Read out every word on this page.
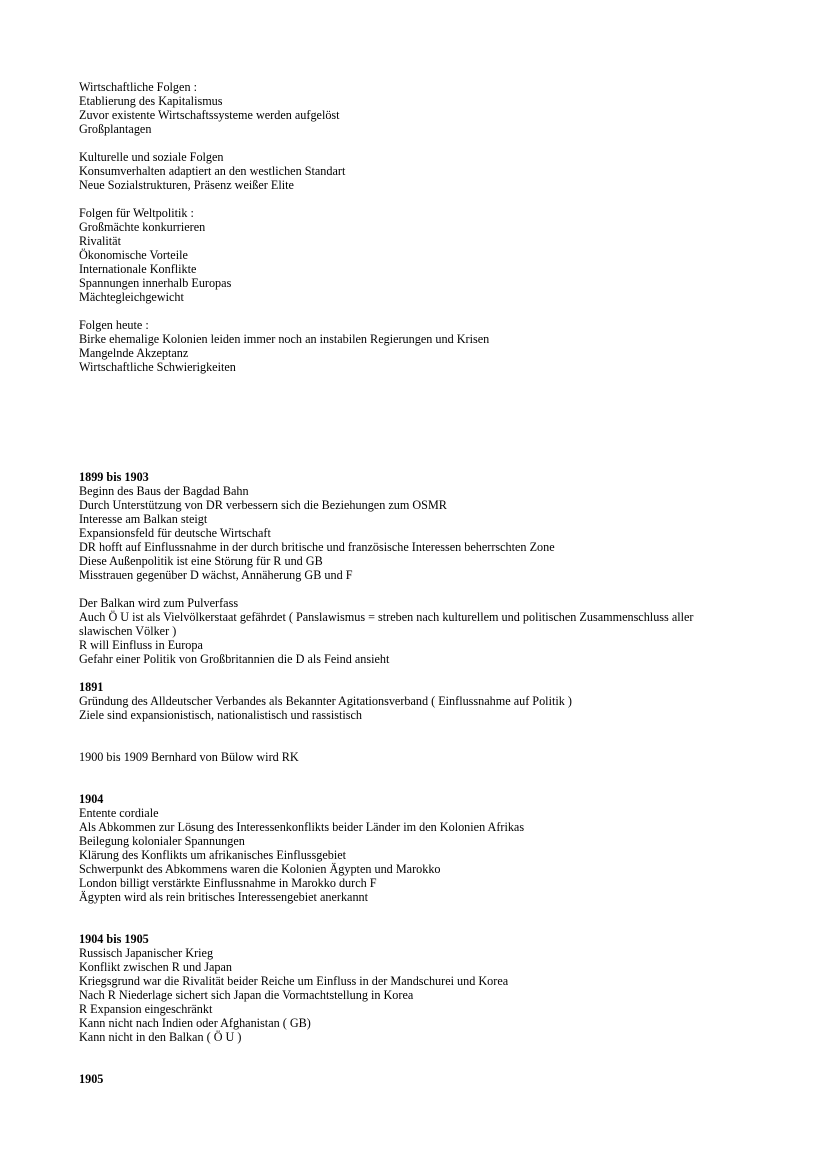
Wirtschaftliche Folgen :
Etablierung des Kapitalismus
Zuvor existente Wirtschaftssysteme werden aufgelöst
Großplantagen
Kulturelle und soziale Folgen
Konsumverhalten adaptiert an den westlichen Standart
Neue Sozialstrukturen, Präsenz weißer Elite
Folgen für Weltpolitik :
Großmächte konkurrieren
Rivalität
Ökonomische Vorteile
Internationale Konflikte
Spannungen innerhalb Europas
Mächtegleichgewicht
Folgen heute :
Birke ehemalige Kolonien leiden immer noch an instabilen Regierungen und Krisen
Mangelnde Akzeptanz
Wirtschaftliche Schwierigkeiten
1899 bis 1903
Beginn des Baus der Bagdad Bahn
Durch Unterstützung von DR verbessern sich die Beziehungen zum OSMR
Interesse am Balkan steigt
Expansionsfeld für deutsche Wirtschaft
DR hofft auf Einflussnahme in der durch britische und französische Interessen beherrschten Zone
Diese Außenpolitik ist eine Störung für R und GB
Misstrauen gegenüber D wächst, Annäherung GB und F
Der Balkan wird zum Pulverfass
Auch Ö U ist als Vielvölkerstaat gefährdet ( Panslawismus = streben nach kulturellem und politischen Zusammenschluss aller slawischen Völker )
R will Einfluss in Europa
Gefahr einer Politik von Großbritannien die D als Feind ansieht
1891
Gründung des Alldeutscher Verbandes als Bekannter Agitationsverband ( Einflussnahme auf Politik )
Ziele sind expansionistisch, nationalistisch und rassistisch
1900 bis 1909 Bernhard von Bülow wird RK
1904
Entente cordiale
Als Abkommen zur Lösung des Interessenkonflikts beider Länder im den Kolonien Afrikas
Beilegung kolonialer Spannungen
Klärung des Konflikts um afrikanisches Einflussgebiet
Schwerpunkt des Abkommens waren die Kolonien Ägypten und Marokko
London billigt verstärkte Einflussnahme in Marokko durch F
Ägypten wird als rein britisches Interessengebiet anerkannt
1904 bis 1905
Russisch Japanischer Krieg
Konflikt zwischen R und Japan
Kriegsgrund war die Rivalität beider Reiche um Einfluss in der Mandschurei und Korea
Nach R Niederlage sichert sich Japan die Vormachtstellung in Korea
R Expansion eingeschränkt
Kann nicht nach Indien oder Afghanistan ( GB)
Kann nicht in den Balkan ( Ö U )
1905
